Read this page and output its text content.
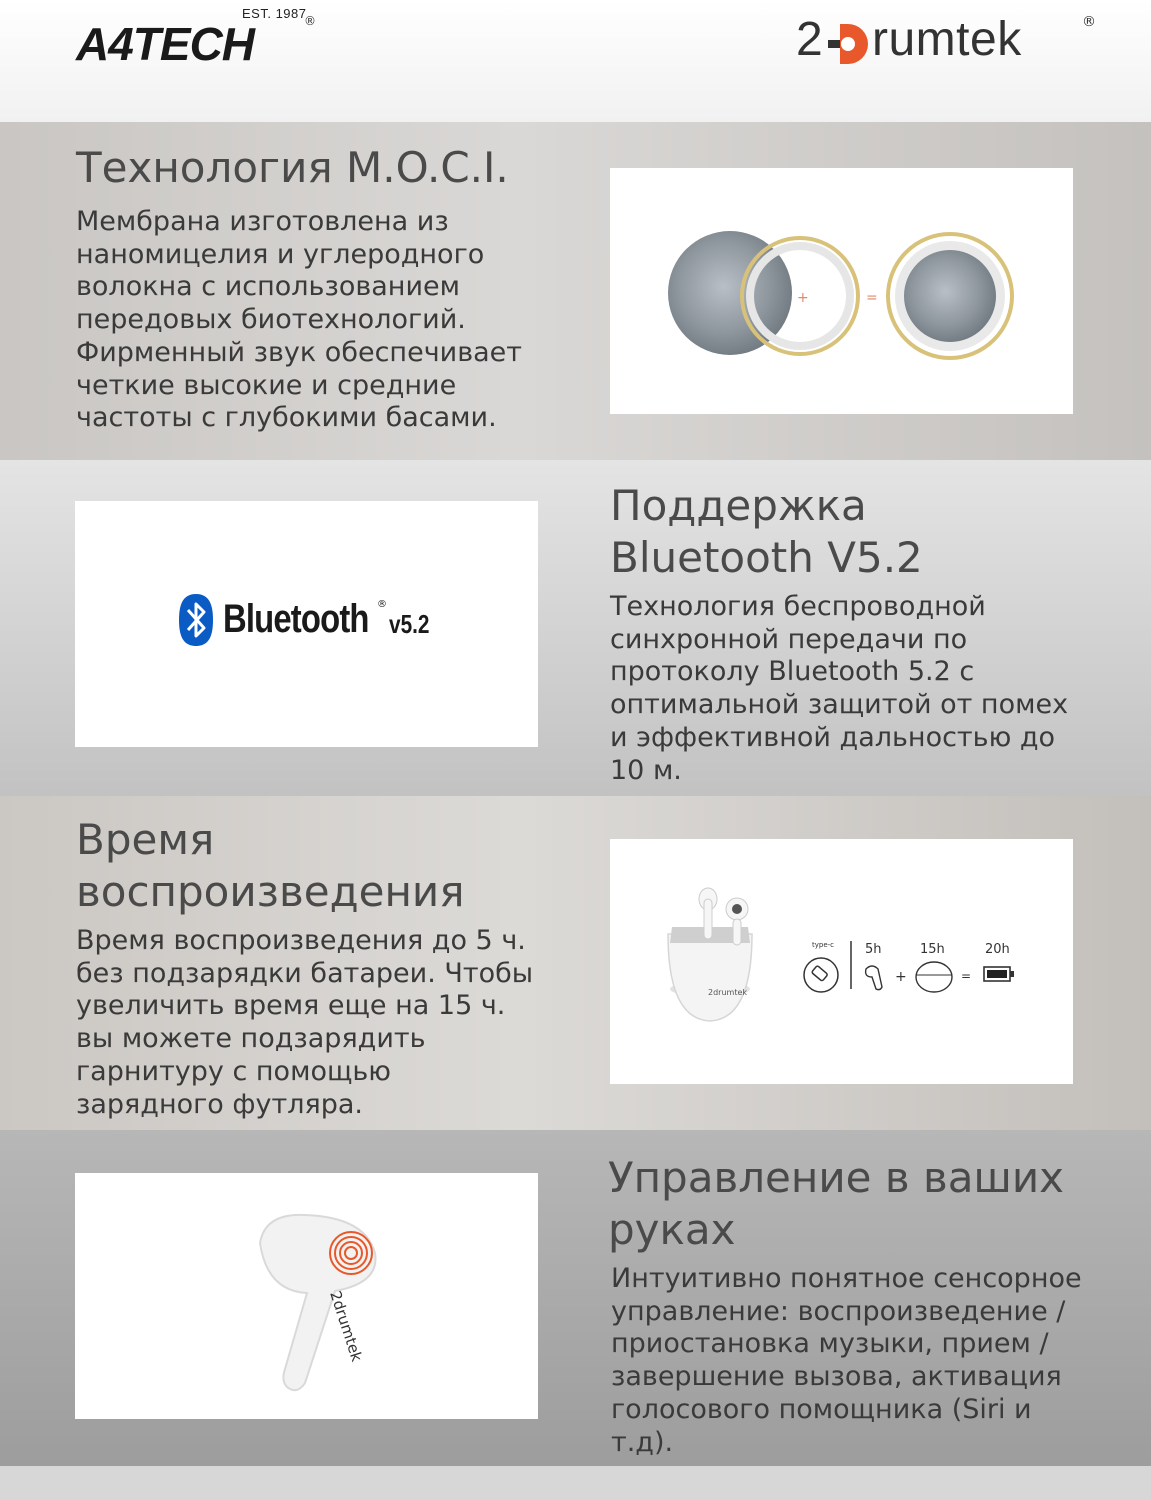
EST. 1987
A4TECH	®	2 rumtek	®
Технология M.O.C.I.

Мембрана изготовлена из наномицелия и углеродного волокна с использованием передовых биотехнологий. Фирменный звук обеспечивает четкие высокие и средние частоты с глубокими басами.

+	=
Bluetooth ®
v5.2
Поддержка Bluetooth V5.2

Технология беспроводной синхронной передачи по протоколу Bluetooth 5.2 с оптимальной защитой от помех и эффективной дальностью до 10 м.

Время воспроизведения

Время воспроизведения до 5 ч. без подзарядки батареи. Чтобы увеличить время еще на 15 ч. вы можете подзарядить гарнитуру с помощью зарядного футляра.

2drumtek
type-c 5h
+
15h
=
20h
2drumtek
Управление в ваших руках

Интуитивно понятное сенсорное управление: воспроизведение / приостановка музыки, прием / завершение вызова, активация голосового помощника (Siri и т.д).
